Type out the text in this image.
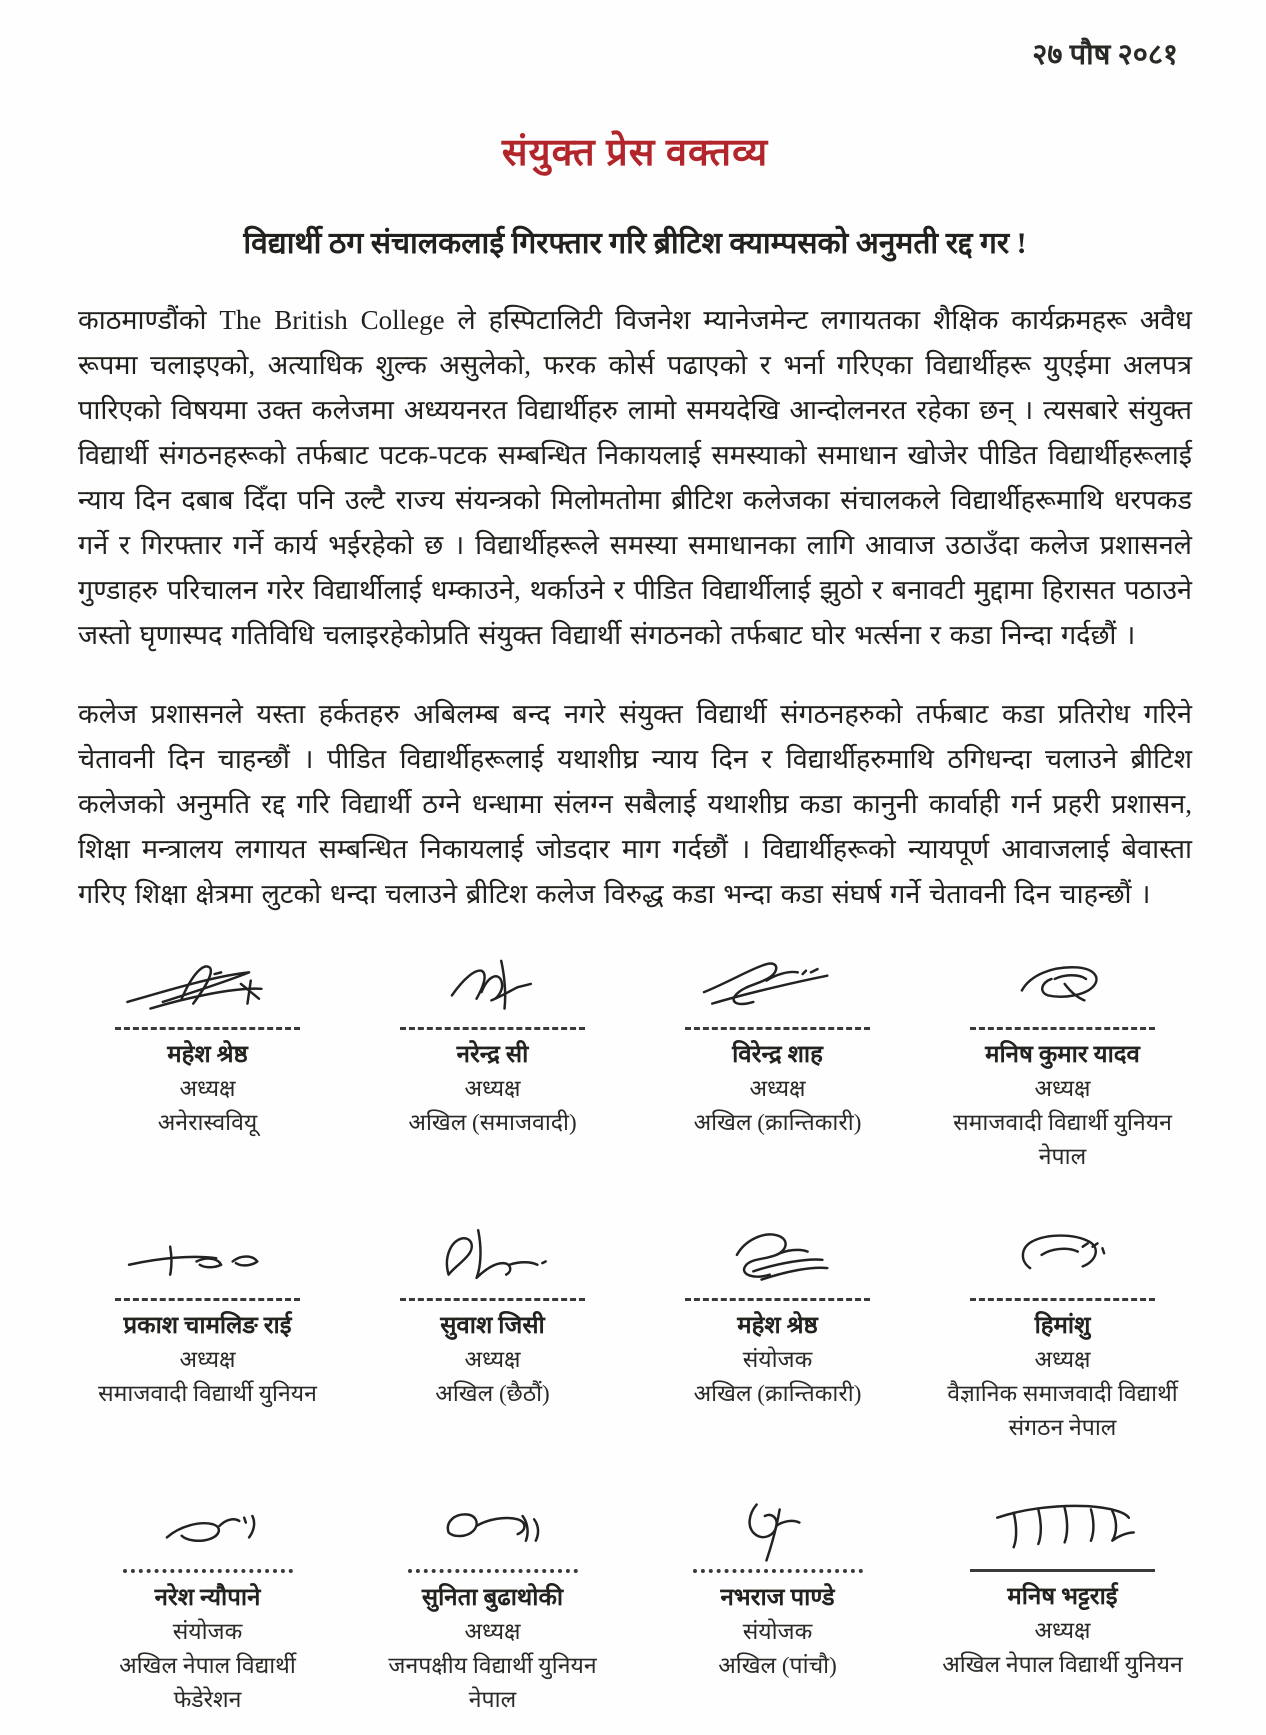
२७ पौष २०८१
संयुक्त प्रेस वक्तव्य
विद्यार्थी ठग संचालकलाई गिरफ्तार गरि ब्रीटिश क्याम्पसको अनुमती रद्द गर !

काठमाण्डौंको The British College ले हस्पिटालिटी विजनेश म्यानेजमेन्ट लगायतका शैक्षिक कार्यक्रमहरू अवैध रूपमा चलाइएको, अत्याधिक शुल्क असुलेको, फरक कोर्स पढाएको र भर्ना गरिएका विद्यार्थीहरू युएईमा अलपत्र पारिएको विषयमा उक्त कलेजमा अध्ययनरत विद्यार्थीहरु लामो समयदेखि आन्दोलनरत रहेका छन् । त्यसबारे संयुक्त विद्यार्थी संगठनहरूको तर्फबाट पटक-पटक सम्बन्धित निकायलाई समस्याको समाधान खोजेर पीडित विद्यार्थीहरूलाई न्याय दिन दबाब दिँदा पनि उल्टै राज्य संयन्त्रको मिलोमतोमा ब्रीटिश कलेजका संचालकले विद्यार्थीहरूमाथि धरपकड गर्ने र गिरफ्तार गर्ने कार्य भईरहेको छ । विद्यार्थीहरूले समस्या समाधानका लागि आवाज उठाउँदा कलेज प्रशासनले गुण्डाहरु परिचालन गरेर विद्यार्थीलाई धम्काउने, थर्काउने र पीडित विद्यार्थीलाई झुठो र बनावटी मुद्दामा हिरासत पठाउने जस्तो घृणास्पद गतिविधि चलाइरहेकोप्रति संयुक्त विद्यार्थी संगठनको तर्फबाट घोर भर्त्सना र कडा निन्दा गर्दछौं ।

कलेज प्रशासनले यस्ता हर्कतहरु अबिलम्ब बन्द नगरे संयुक्त विद्यार्थी संगठनहरुको तर्फबाट कडा प्रतिरोध गरिने चेतावनी दिन चाहन्छौं । पीडित विद्यार्थीहरूलाई यथाशीघ्र न्याय दिन र विद्यार्थीहरुमाथि ठगिधन्दा चलाउने ब्रीटिश कलेजको अनुमति रद्द गरि विद्यार्थी ठग्ने धन्धामा संलग्न सबैलाई यथाशीघ्र कडा कानुनी कार्वाही गर्न प्रहरी प्रशासन, शिक्षा मन्त्रालय लगायत सम्बन्धित निकायलाई जोडदार माग गर्दछौं । विद्यार्थीहरूको न्यायपूर्ण आवाजलाई बेवास्ता गरिए शिक्षा क्षेत्रमा लुटको धन्दा चलाउने ब्रीटिश कलेज विरुद्ध कडा भन्दा कडा संघर्ष गर्ने चेतावनी दिन चाहन्छौं ।

महेश श्रेष्ठ
अध्यक्ष
अनेरास्ववियू
नरेन्द्र सी
अध्यक्ष
अखिल (समाजवादी)
विरेन्द्र शाह
अध्यक्ष
अखिल (क्रान्तिकारी)
मनिष कुमार यादव
अध्यक्ष
समाजवादी विद्यार्थी युनियन नेपाल
प्रकाश चामलिङ राई
अध्यक्ष
समाजवादी विद्यार्थी युनियन
सुवाश जिसी
अध्यक्ष
अखिल (छैठौं)
महेश श्रेष्ठ
संयोजक
अखिल (क्रान्तिकारी)
हिमांशु
अध्यक्ष
वैज्ञानिक समाजवादी विद्यार्थी संगठन नेपाल
नरेश न्यौपाने
संयोजक
अखिल नेपाल विद्यार्थी फेडेरेशन
सुनिता बुढाथोकी
अध्यक्ष
जनपक्षीय विद्यार्थी युनियन नेपाल
नभराज पाण्डे
संयोजक
अखिल (पांचौ)
मनिष भट्टराई
अध्यक्ष
अखिल नेपाल विद्यार्थी युनियन
